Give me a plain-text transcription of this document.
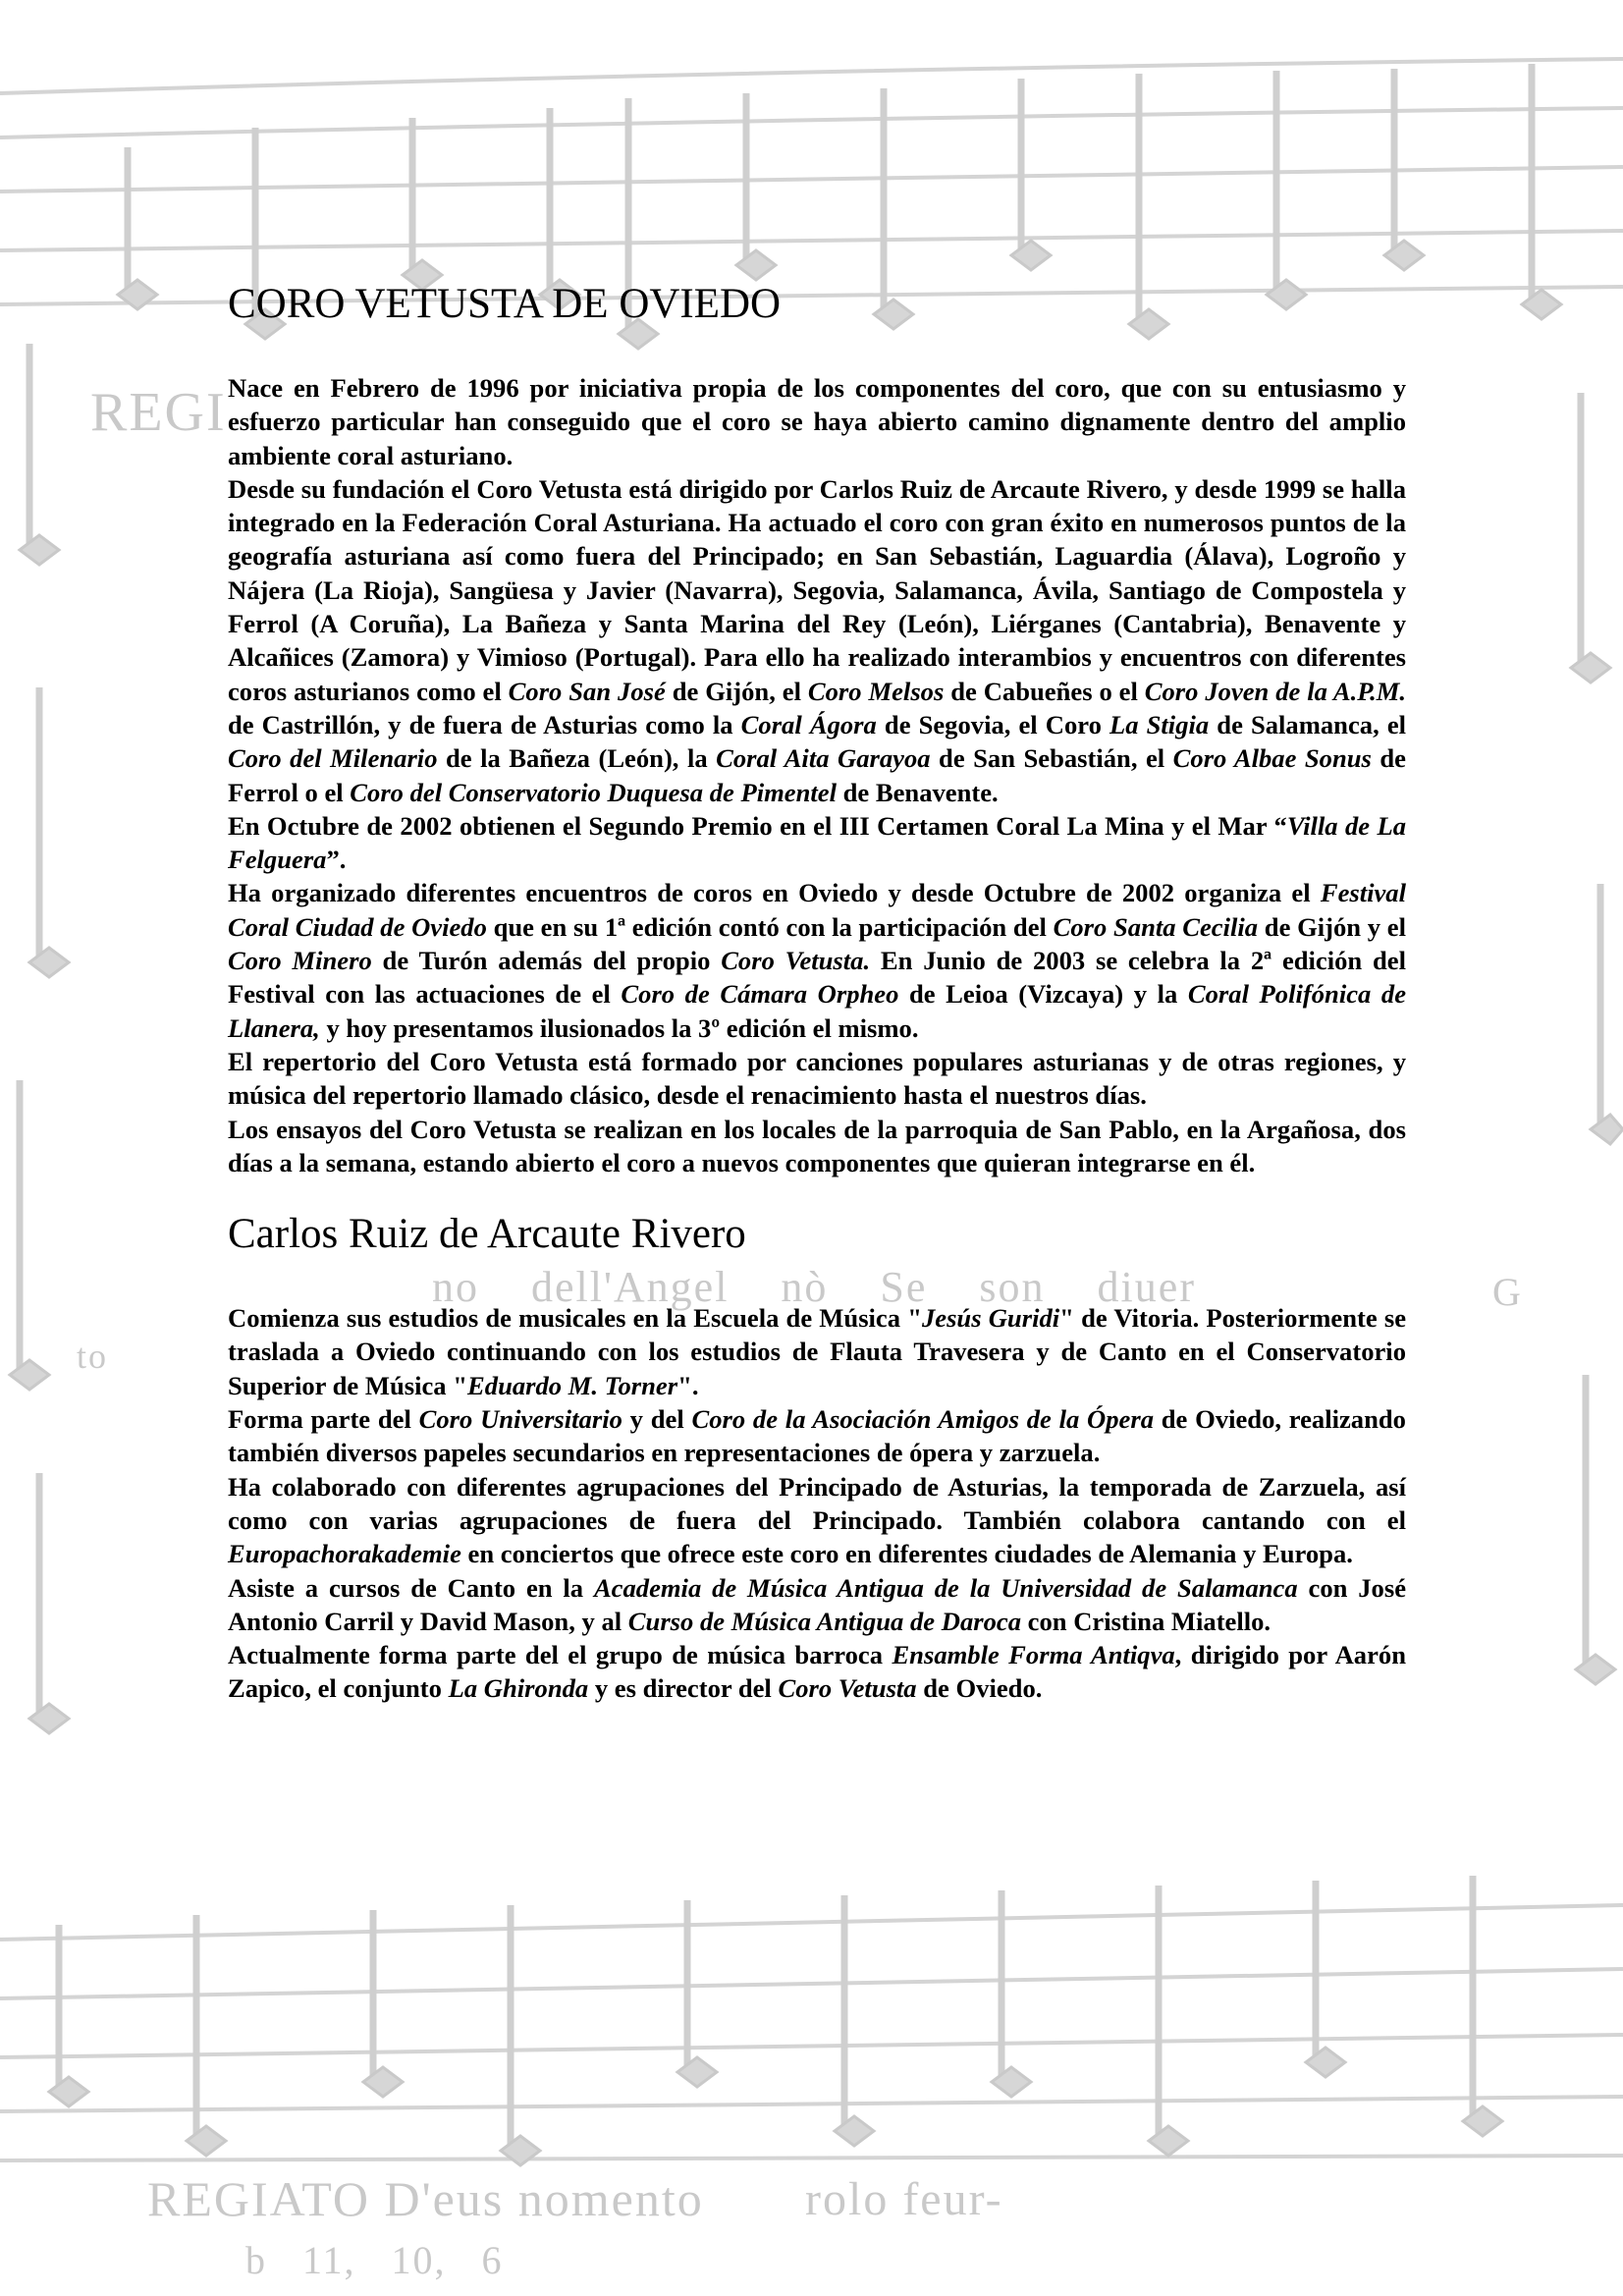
REGI
no dell'Angel nò Se son diuer
to
G
REGIATO D'eus nomento rolo feur-
b 11, 10, 6
CORO VETUSTA DE OVIEDO

Nace en Febrero de 1996 por iniciativa propia de los componentes del coro, que con su entusiasmo y esfuerzo particular han conseguido que el coro se haya abierto camino dignamente dentro del amplio ambiente coral asturiano.

Desde su fundación el Coro Vetusta está dirigido por Carlos Ruiz de Arcaute Rivero, y desde 1999 se halla integrado en la Federación Coral Asturiana. Ha actuado el coro con gran éxito en numerosos puntos de la geografía asturiana así como fuera del Principado; en San Sebastián, Laguardia (Álava), Logroño y Nájera (La Rioja), Sangüesa y Javier (Navarra), Segovia, Salamanca, Ávila, Santiago de Compostela y Ferrol (A Coruña), La Bañeza y Santa Marina del Rey (León), Liérganes (Cantabria), Benavente y Alcañices (Zamora) y Vimioso (Portugal). Para ello ha realizado interambios y encuentros con diferentes coros asturianos como el Coro San José de Gijón, el Coro Melsos de Cabueñes o el Coro Joven de la A.P.M. de Castrillón, y de fuera de Asturias como la Coral Ágora de Segovia, el Coro La Stigia de Salamanca, el Coro del Milenario de la Bañeza (León), la Coral Aita Garayoa de San Sebastián, el Coro Albae Sonus de Ferrol o el Coro del Conservatorio Duquesa de Pimentel de Benavente.

En Octubre de 2002 obtienen el Segundo Premio en el III Certamen Coral La Mina y el Mar “Villa de La Felguera”.

Ha organizado diferentes encuentros de coros en Oviedo y desde Octubre de 2002 organiza el Festival Coral Ciudad de Oviedo que en su 1ª edición contó con la participación del Coro Santa Cecilia de Gijón y el Coro Minero de Turón además del propio Coro Vetusta. En Junio de 2003 se celebra la 2ª edición del Festival con las actuaciones de el Coro de Cámara Orpheo de Leioa (Vizcaya) y la Coral Polifónica de Llanera, y hoy presentamos ilusionados la 3º edición el mismo.

El repertorio del Coro Vetusta está formado por canciones populares asturianas y de otras regiones, y música del repertorio llamado clásico, desde el renacimiento hasta el nuestros días.

Los ensayos del Coro Vetusta se realizan en los locales de la parroquia de San Pablo, en la Argañosa, dos días a la semana, estando abierto el coro a nuevos componentes que quieran integrarse en él.

Carlos Ruiz de Arcaute Rivero

Comienza sus estudios de musicales en la Escuela de Música "Jesús Guridi" de Vitoria. Posteriormente se traslada a Oviedo continuando con los estudios de Flauta Travesera y de Canto en el Conservatorio Superior de Música "Eduardo M. Torner".

Forma parte del Coro Universitario y del Coro de la Asociación Amigos de la Ópera de Oviedo, realizando también diversos papeles secundarios en representaciones de ópera y zarzuela.

Ha colaborado con diferentes agrupaciones del Principado de Asturias, la temporada de Zarzuela, así como con varias agrupaciones de fuera del Principado. También colabora cantando con el Europachorakademie en conciertos que ofrece este coro en diferentes ciudades de Alemania y Europa.

Asiste a cursos de Canto en la Academia de Música Antigua de la Universidad de Salamanca con José Antonio Carril y David Mason, y al Curso de Música Antigua de Daroca con Cristina Miatello.

Actualmente forma parte del el grupo de música barroca Ensamble Forma Antiqva, dirigido por Aarón Zapico, el conjunto La Ghironda y es director del Coro Vetusta de Oviedo.
